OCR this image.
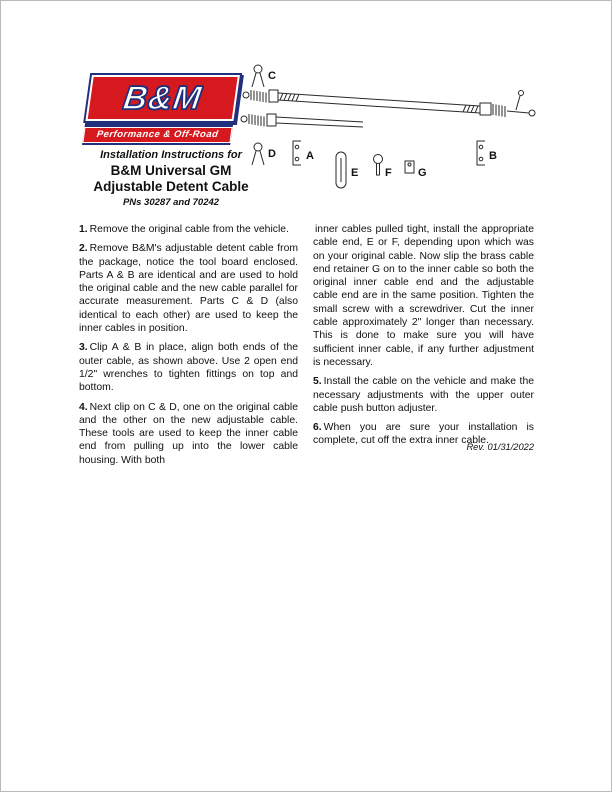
B&M
Performance & Off-Road
C
D	A
E F G
B
Installation Instructions for
B&M Universal GM
Adjustable Detent Cable
PNs 30287 and 70242

1. Remove the original cable from the vehicle.

2. Remove B&M's adjustable detent cable from the package, notice the tool board enclosed. Parts A & B are identical and are used to hold the original cable and the new cable parallel for accurate measurement. Parts C & D (also identical to each other) are used to keep the inner cables in position.

3. Clip A & B in place, align both ends of the outer cable, as shown above. Use 2 open end 1/2" wrenches to tighten fittings on top and bottom.

4. Next clip on C & D, one on the original cable and the other on the new adjustable cable. These tools are used to keep the inner cable end from pulling up into the lower cable housing. With both

inner cables pulled tight, install the appropriate cable end, E or F, depending upon which was on your original cable. Now slip the brass cable end retainer G on to the inner cable so both the original inner cable end and the adjustable cable end are in the same position. Tighten the small screw with a screwdriver. Cut the inner cable approximately 2" longer than necessary. This is done to make sure you will have sufficient inner cable, if any further adjustment is necessary.

5. Install the cable on the vehicle and make the necessary adjustments with the upper outer cable push button adjuster.

6. When you are sure your installation is complete, cut off the extra inner cable.

Rev. 01/31/2022
